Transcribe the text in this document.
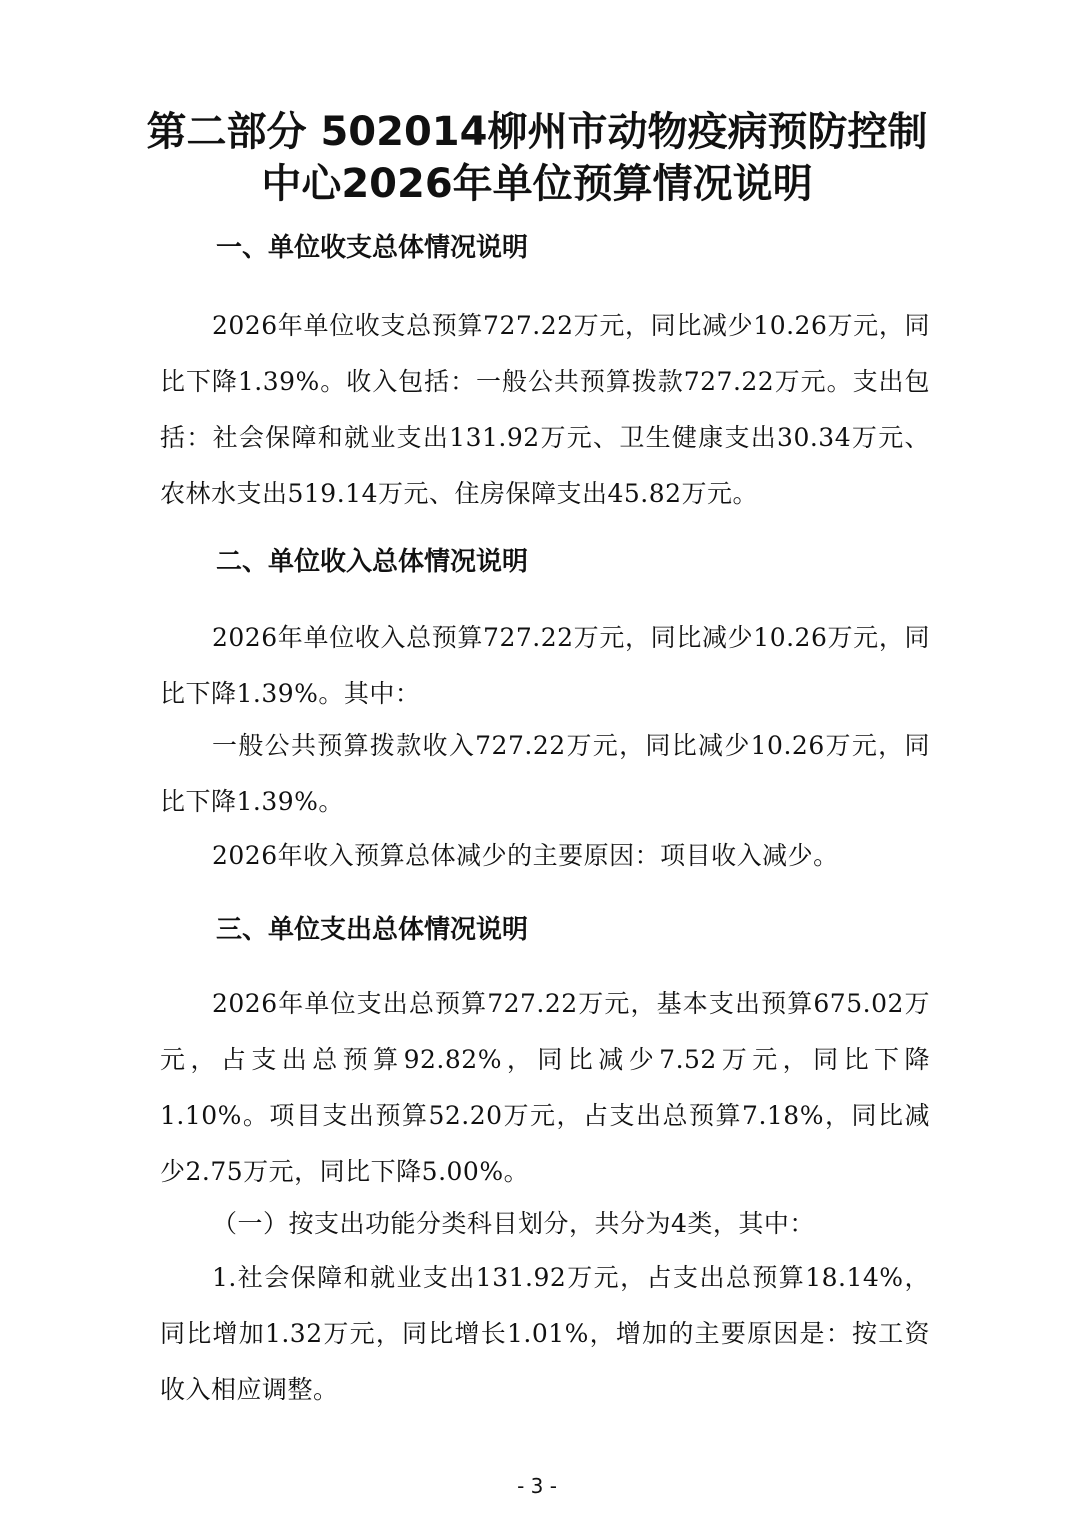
第二部分 502014柳州市动物疫病预防控制
中心2026年单位预算情况说明
一、单位收支总体情况说明

2026年单位收支总预算727.22万元，同比减少10.26万元，同比下降1.39%。收入包括：一般公共预算拨款727.22万元。支出包括：社会保障和就业支出131.92万元、卫生健康支出30.34万元、农林水支出519.14万元、住房保障支出45.82万元。

二、单位收入总体情况说明

2026年单位收入总预算727.22万元，同比减少10.26万元，同比下降1.39%。其中：

一般公共预算拨款收入727.22万元，同比减少10.26万元，同比下降1.39%。

2026年收入预算总体减少的主要原因：项目收入减少。

三、单位支出总体情况说明

2026年单位支出总预算727.22万元，基本支出预算675.02万元，占支出总预算92.82%，同比减少7.52万元，同比下降1.10%。项目支出预算52.20万元，占支出总预算7.18%，同比减少2.75万元，同比下降5.00%。

（一）按支出功能分类科目划分，共分为4类，其中：

1.社会保障和就业支出131.92万元，占支出总预算18.14%，同比增加1.32万元，同比增长1.01%，增加的主要原因是：按工资收入相应调整。

- 3 -
